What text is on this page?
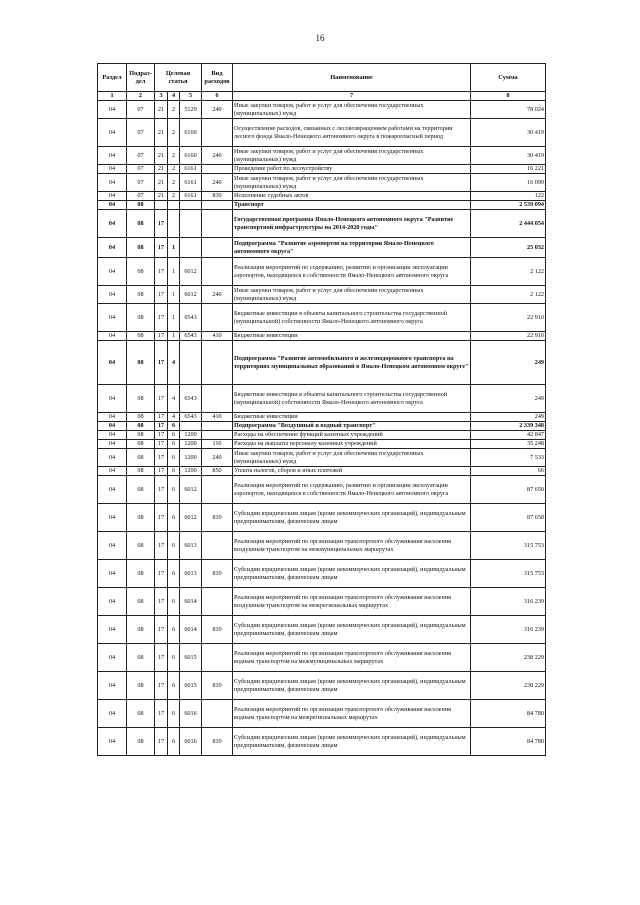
16
Раздел	Подраз-дел	Целевая статья			Вид расходов	Наименование	Сумма
1	2	3	4	5	6	7	8
04	07	21	2	5129	240	Иные закупки товаров, работ и услуг для обеспечения государственных (муниципальных) нужд	78 024
04	07	21	2	6160		Осуществление расходов, связанных с лесовозвращением работами на территории лесного фонда Ямало-Ненецкого автономного округа в пожароопасный период	30 419
04	07	21	2	6160	240	Иные закупки товаров, работ и услуг для обеспечения государственных (муниципальных) нужд	30 419
04	07	21	2	6161		Проведение работ по лесоустройству	16 221
04	07	21	2	6161	240	Иные закупки товаров, работ и услуг для обеспечения государственных (муниципальных) нужд	16 099
04	07	21	2	6161	830	Исполнение судебных актов	122
04	08					Транспорт	2 539 094
04	08	17				Государственная программа Ямало-Ненецкого автономного округа "Развитие транспортной инфраструктуры на 2014-2020 годы"	2 444 054
04	08	17	1			Подпрограмма "Развитие аэропортов на территории Ямало-Ненецкого автономного округа"	25 032
04	08	17	1	6012		Реализация мероприятий по содержанию, развитию и организации эксплуатации аэропортов, находящихся в собственности Ямало-Ненецкого автономного округа	2 122
04	08	17	1	6012	240	Иные закупки товаров, работ и услуг для обеспечения государственных (муниципальных) нужд	2 122
04	08	17	1	6543		Бюджетные инвестиции в объекты капитального строительства государственной (муниципальной) собственности Ямало-Ненецкого автономного округа	22 910
04	08	17	1	6543	410	Бюджетные инвестиции	22 910
04	08	17	4			Подпрограмма "Развитие автомобильного и железнодорожного транспорта на территориях муниципальных образований в Ямало-Ненецком автономном округе"	249
04	08	17	4	6543		Бюджетные инвестиции в объекты капитального строительства государственной (муниципальной) собственности Ямало-Ненецкого автономного округа	249
04	08	17	4	6543	410	Бюджетные инвестиции	249
04	08	17	6			Подпрограмма "Воздушный и водный транспорт"	2 339 348
04	08	17	6	1200		Расходы на обеспечение функций казенных учреждений	42 847
04	08	17	6	1200	110	Расходы на выплаты персоналу казенных учреждений	35 248
04	08	17	6	1200	240	Иные закупки товаров, работ и услуг для обеспечения государственных (муниципальных) нужд	7 533
04	08	17	6	1200	850	Уплата налогов, сборов и иных платежей	66
04	08	17	6	6012		Реализация мероприятий по содержанию, развитию и организации эксплуатации аэропортов, находящихся в собственности Ямало-Ненецкого автономного округа	87 650
04	08	17	6	6012	810	Субсидии юридическим лицам (кроме некоммерческих организаций), индивидуальным предпринимателям, физическим лицам	87 650
04	08	17	6	6013		Реализация мероприятий по организации транспортного обслуживания населения воздушным транспортом на межмуниципальных маршрутах	315 753
04	08	17	6	6013	810	Субсидии юридическим лицам (кроме некоммерческих организаций), индивидуальным предпринимателям, физическим лицам	315 753
04	08	17	6	6014		Реализация мероприятий по организации транспортного обслуживания населения воздушным транспортом на межрегиональных маршрутах	316 239
04	08	17	6	6014	810	Субсидии юридическим лицам (кроме некоммерческих организаций), индивидуальным предпринимателям, физическим лицам	316 239
04	08	17	6	6015		Реализация мероприятий по организации транспортного обслуживания населения водным транспортом на межмуниципальных маршрутах	238 229
04	08	17	6	6015	810	Субсидии юридическим лицам (кроме некоммерческих организаций), индивидуальным предпринимателям, физическим лицам	238 229
04	08	17	6	6016		Реализация мероприятий по организации транспортного обслуживания населения водным транспортом на межрегиональных маршрутах	84 780
04	08	17	6	6016	810	Субсидии юридическим лицам (кроме некоммерческих организаций), индивидуальным предпринимателям, физическим лицам	84 780
